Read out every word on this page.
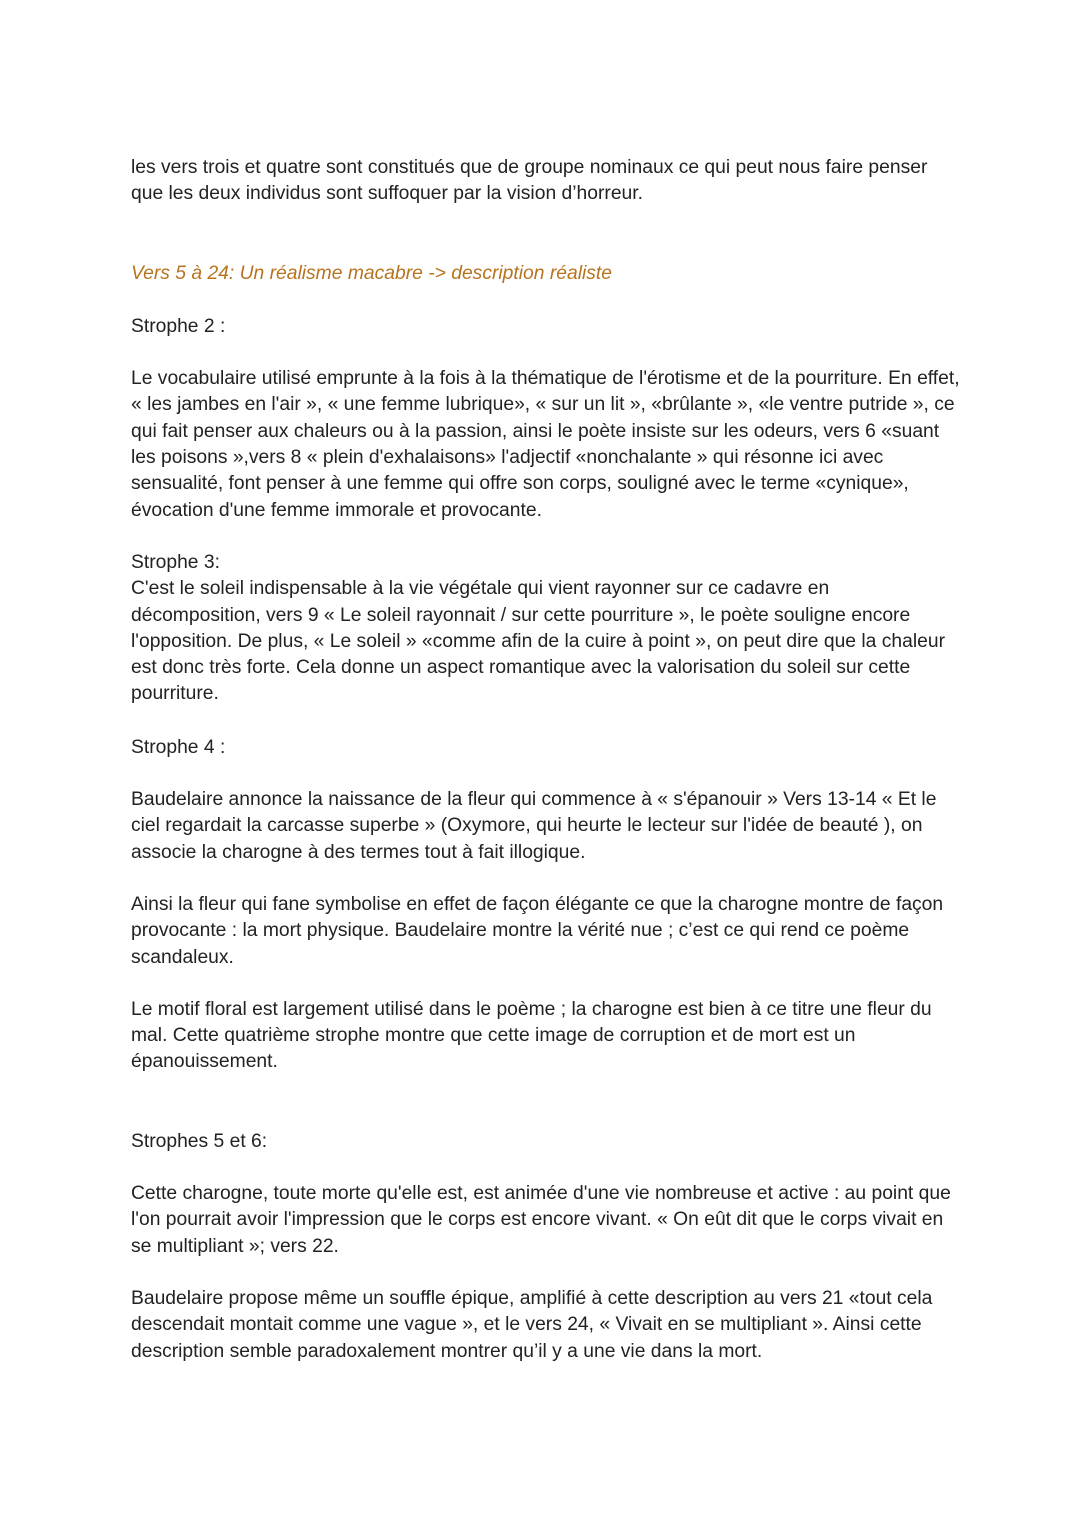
les vers trois et quatre sont constitués que de groupe nominaux ce qui peut nous faire penser que les deux individus sont suffoquer par la vision d’horreur.

Vers 5 à 24: Un réalisme macabre -> description réaliste

Strophe 2 :

Le vocabulaire utilisé emprunte à la fois à la thématique de l'érotisme et de la pourriture. En effet, « les jambes en l'air », « une femme lubrique», « sur un lit », «brûlante », «le ventre putride », ce qui fait penser aux chaleurs ou à la passion, ainsi le poète insiste sur les odeurs, vers 6 «suant les poisons »,vers 8 « plein d'exhalaisons» l'adjectif «nonchalante » qui résonne ici avec sensualité, font penser à une femme qui offre son corps, souligné avec le terme «cynique», évocation d'une femme immorale et provocante.

Strophe 3:

C'est le soleil indispensable à la vie végétale qui vient rayonner sur ce cadavre en décomposition, vers 9 « Le soleil rayonnait / sur cette pourriture », le poète souligne encore l'opposition. De plus, « Le soleil » «comme afin de la cuire à point », on peut dire que la chaleur est donc très forte. Cela donne un aspect romantique avec la valorisation du soleil sur cette pourriture.

Strophe 4 :

Baudelaire annonce la naissance de la fleur qui commence à « s'épanouir » Vers 13-14 « Et le ciel regardait la carcasse superbe » (Oxymore, qui heurte le lecteur sur l'idée de beauté ), on associe la charogne à des termes tout à fait illogique.

Ainsi la fleur qui fane symbolise en effet de façon élégante ce que la charogne montre de façon provocante : la mort physique. Baudelaire montre la vérité nue ; c’est ce qui rend ce poème scandaleux.

Le motif floral est largement utilisé dans le poème ; la charogne est bien à ce titre une fleur du mal. Cette quatrième strophe montre que cette image de corruption et de mort est un épanouissement.

Strophes 5 et 6:

Cette charogne, toute morte qu'elle est, est animée d'une vie nombreuse et active : au point que l'on pourrait avoir l'impression que le corps est encore vivant. « On eût dit que le corps vivait en se multipliant »; vers 22.

Baudelaire propose même un souffle épique, amplifié à cette description au vers 21 «tout cela descendait montait comme une vague », et le vers 24, « Vivait en se multipliant ». Ainsi cette description semble paradoxalement montrer qu’il y a une vie dans la mort.
